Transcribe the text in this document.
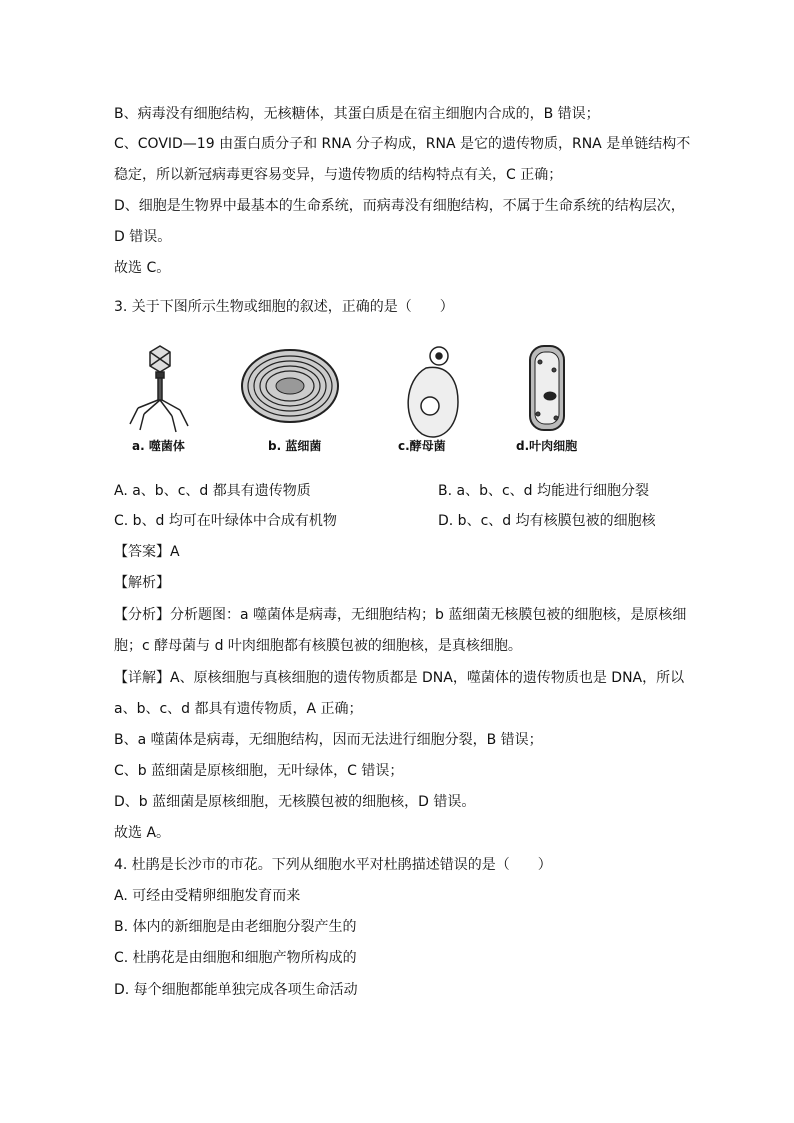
B、病毒没有细胞结构，无核糖体，其蛋白质是在宿主细胞内合成的，B 错误；
C、COVID—19 由蛋白质分子和 RNA 分子构成，RNA 是它的遗传物质，RNA 是单链结构不
稳定，所以新冠病毒更容易变异，与遗传物质的结构特点有关，C 正确；
D、细胞是生物界中最基本的生命系统，而病毒没有细胞结构，不属于生命系统的结构层次，
D 错误。
故选 C。
3. 关于下图所示生物或细胞的叙述，正确的是（　　）
a. 噬菌体	b. 蓝细菌	c.酵母菌	d.叶肉细胞
A. a、b、c、d 都具有遗传物质	B. a、b、c、d 均能进行细胞分裂
C. b、d 均可在叶绿体中合成有机物	D. b、c、d 均有核膜包被的细胞核
【答案】A
【解析】
【分析】分析题图：a 噬菌体是病毒，无细胞结构；b 蓝细菌无核膜包被的细胞核，是原核细
胞；c 酵母菌与 d 叶肉细胞都有核膜包被的细胞核，是真核细胞。
【详解】A、原核细胞与真核细胞的遗传物质都是 DNA，噬菌体的遗传物质也是 DNA，所以
a、b、c、d 都具有遗传物质，A 正确；
B、a 噬菌体是病毒，无细胞结构，因而无法进行细胞分裂，B 错误；
C、b 蓝细菌是原核细胞，无叶绿体，C 错误；
D、b 蓝细菌是原核细胞，无核膜包被的细胞核，D 错误。
故选 A。
4. 杜鹃是长沙市的市花。下列从细胞水平对杜鹃描述错误的是（　　）
A. 可经由受精卵细胞发育而来
B. 体内的新细胞是由老细胞分裂产生的
C. 杜鹃花是由细胞和细胞产物所构成的
D. 每个细胞都能单独完成各项生命活动
